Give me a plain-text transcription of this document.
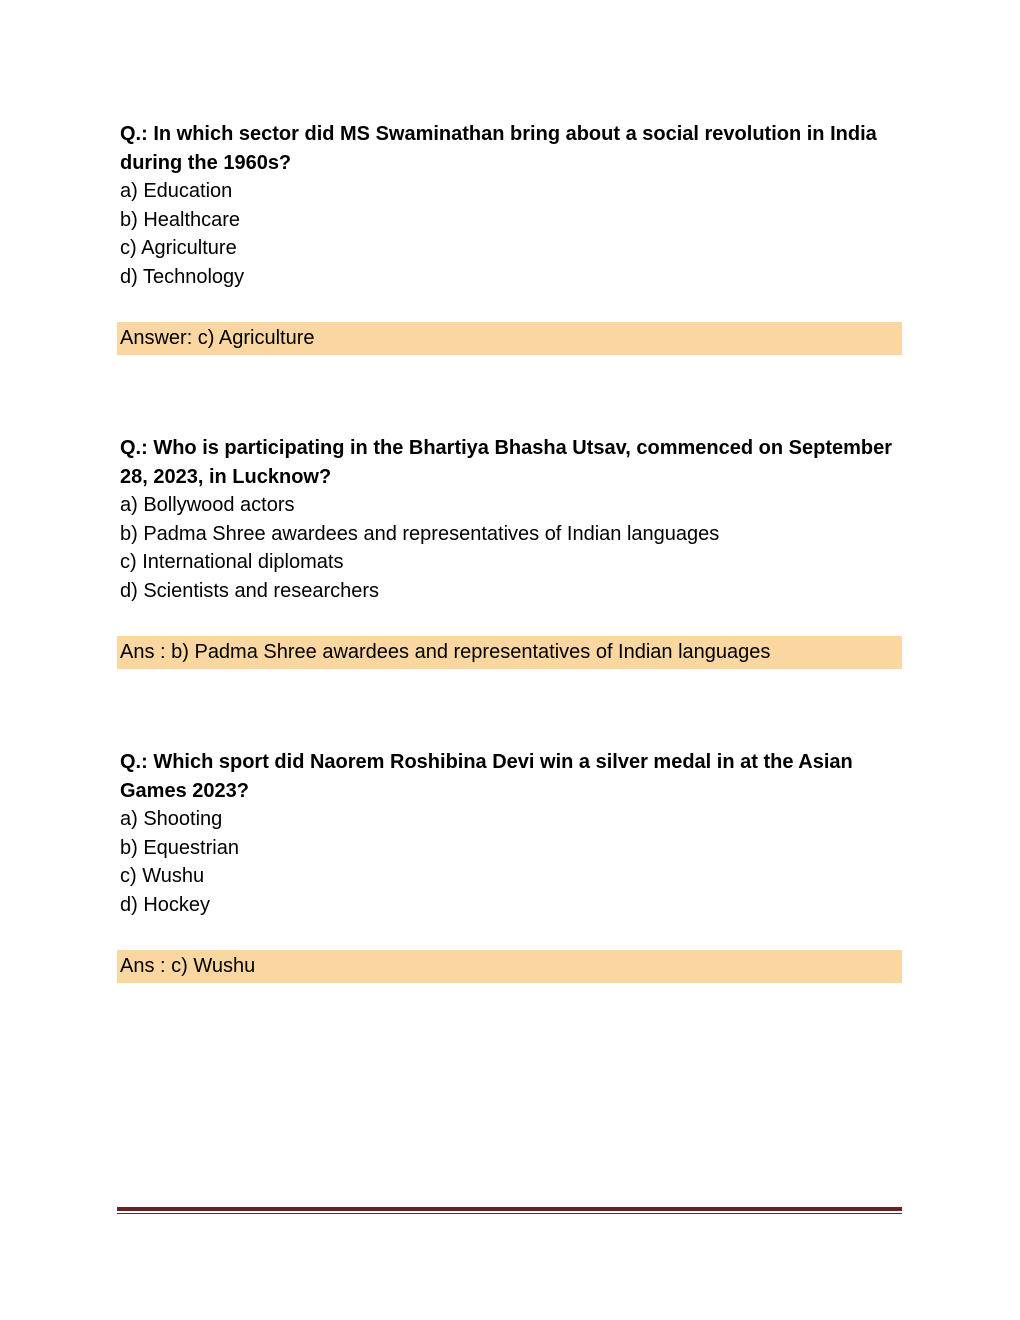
Q.: In which sector did MS Swaminathan bring about a social revolution in India during the 1960s?

a) Education
b) Healthcare
c) Agriculture
d) Technology
Answer: c) Agriculture

Q.: Who is participating in the Bhartiya Bhasha Utsav, commenced on September 28, 2023, in Lucknow?

a) Bollywood actors
b) Padma Shree awardees and representatives of Indian languages
c) International diplomats
d) Scientists and researchers
Ans : b) Padma Shree awardees and representatives of Indian languages

Q.: Which sport did Naorem Roshibina Devi win a silver medal in at the Asian Games 2023?

a) Shooting
b) Equestrian
c) Wushu
d) Hockey
Ans : c) Wushu
